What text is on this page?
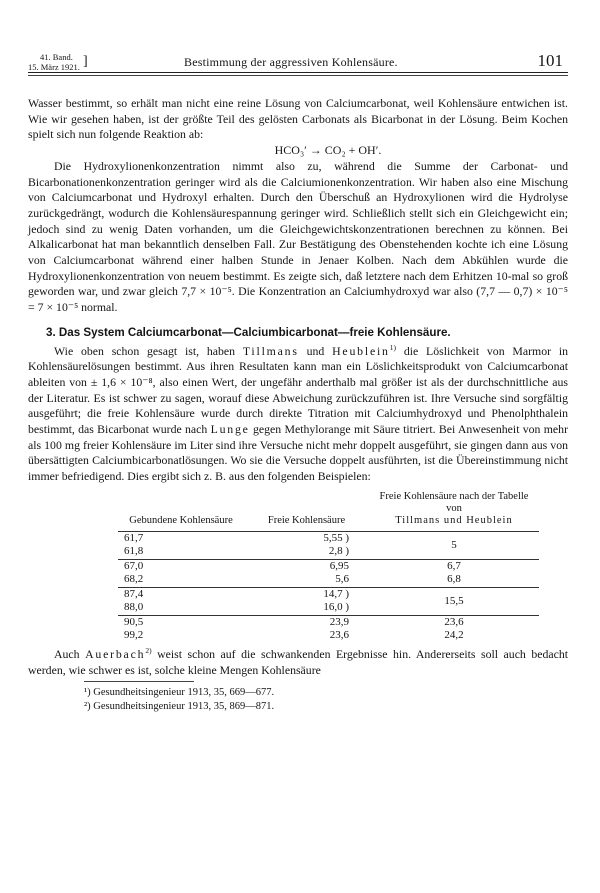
41. Band.
15. März 1921. ]	Bestimmung der aggressiven Kohlensäure.	101

Wasser bestimmt, so erhält man nicht eine reine Lösung von Calciumcarbonat, weil Kohlensäure entwichen ist. Wie wir gesehen haben, ist der größte Teil des gelösten Carbonats als Bicarbonat in der Lösung. Beim Kochen spielt sich nun folgende Reaktion ab:

HCO₃′ → CO₂ + OH′.

Die Hydroxylionenkonzentration nimmt also zu, während die Summe der Carbonat- und Bicarbonationenkonzentration geringer wird als die Calciumionenkonzentration. Wir haben also eine Mischung von Calciumcarbonat und Hydroxyl erhalten. Durch den Überschuß an Hydroxylionen wird die Hydrolyse zurückgedrängt, wodurch die Kohlensäurespannung geringer wird. Schließlich stellt sich ein Gleichgewicht ein; jedoch sind zu wenig Daten vorhanden, um die Gleichgewichtskonzentrationen berechnen zu können. Bei Alkalicarbonat hat man bekanntlich denselben Fall. Zur Bestätigung des Obenstehenden kochte ich eine Lösung von Calciumcarbonat während einer halben Stunde in Jenaer Kolben. Nach dem Abkühlen wurde die Hydroxylionenkonzentration von neuem bestimmt. Es zeigte sich, daß letztere nach dem Erhitzen 10-mal so groß geworden war, und zwar gleich 7,7 × 10⁻⁵. Die Konzentration an Calciumhydroxyd war also (7,7 — 0,7) × 10⁻⁵ = 7 × 10⁻⁵ normal.

3. Das System Calciumcarbonat—Calciumbicarbonat—freie Kohlensäure.

Wie oben schon gesagt ist, haben Tillmans und Heublein$^{1)}$ die Löslichkeit von Marmor in Kohlensäurelösungen bestimmt. Aus ihren Resultaten kann man ein Löslichkeitsprodukt von Calciumcarbonat ableiten von ± 1,6 × 10⁻⁸, also einen Wert, der ungefähr anderthalb mal größer ist als der durchschnittliche aus der Literatur. Es ist schwer zu sagen, worauf diese Abweichung zurückzuführen ist. Ihre Versuche sind sorgfältig ausgeführt; die freie Kohlensäure wurde durch direkte Titration mit Calciumhydroxyd und Phenolphthalein bestimmt, das Bicarbonat wurde nach Lunge gegen Methylorange mit Säure titriert. Bei Anwesenheit von mehr als 100 mg freier Kohlensäure im Liter sind ihre Versuche nicht mehr doppelt ausgeführt, sie gingen dann aus von übersättigten Calciumbicarbonatlösungen. Wo sie die Versuche doppelt ausführten, ist die Übereinstimmung nicht immer befriedigend. Dies ergibt sich z. B. aus den folgenden Beispielen:

Gebundene Kohlensäure	Freie Kohlensäure	Freie Kohlensäure nach der Tabelle von
Tillmans und Heublein

61,7	5,55 )	5
61,8	2,8 )	
67,0	6,95	6,7
68,2	5,6	6,8
87,4	14,7 )	15,5
88,0	16,0 )	
90,5	23,9	23,6
99,2	23,6	24,2

Auch Auerbach$^{2)}$ weist schon auf die schwankenden Ergebnisse hin. Andererseits soll auch bedacht werden, wie schwer es ist, solche kleine Mengen Kohlensäure

¹) Gesundheitsingenieur 1913, 35, 669—677.
²) Gesundheitsingenieur 1913, 35, 869—871.
